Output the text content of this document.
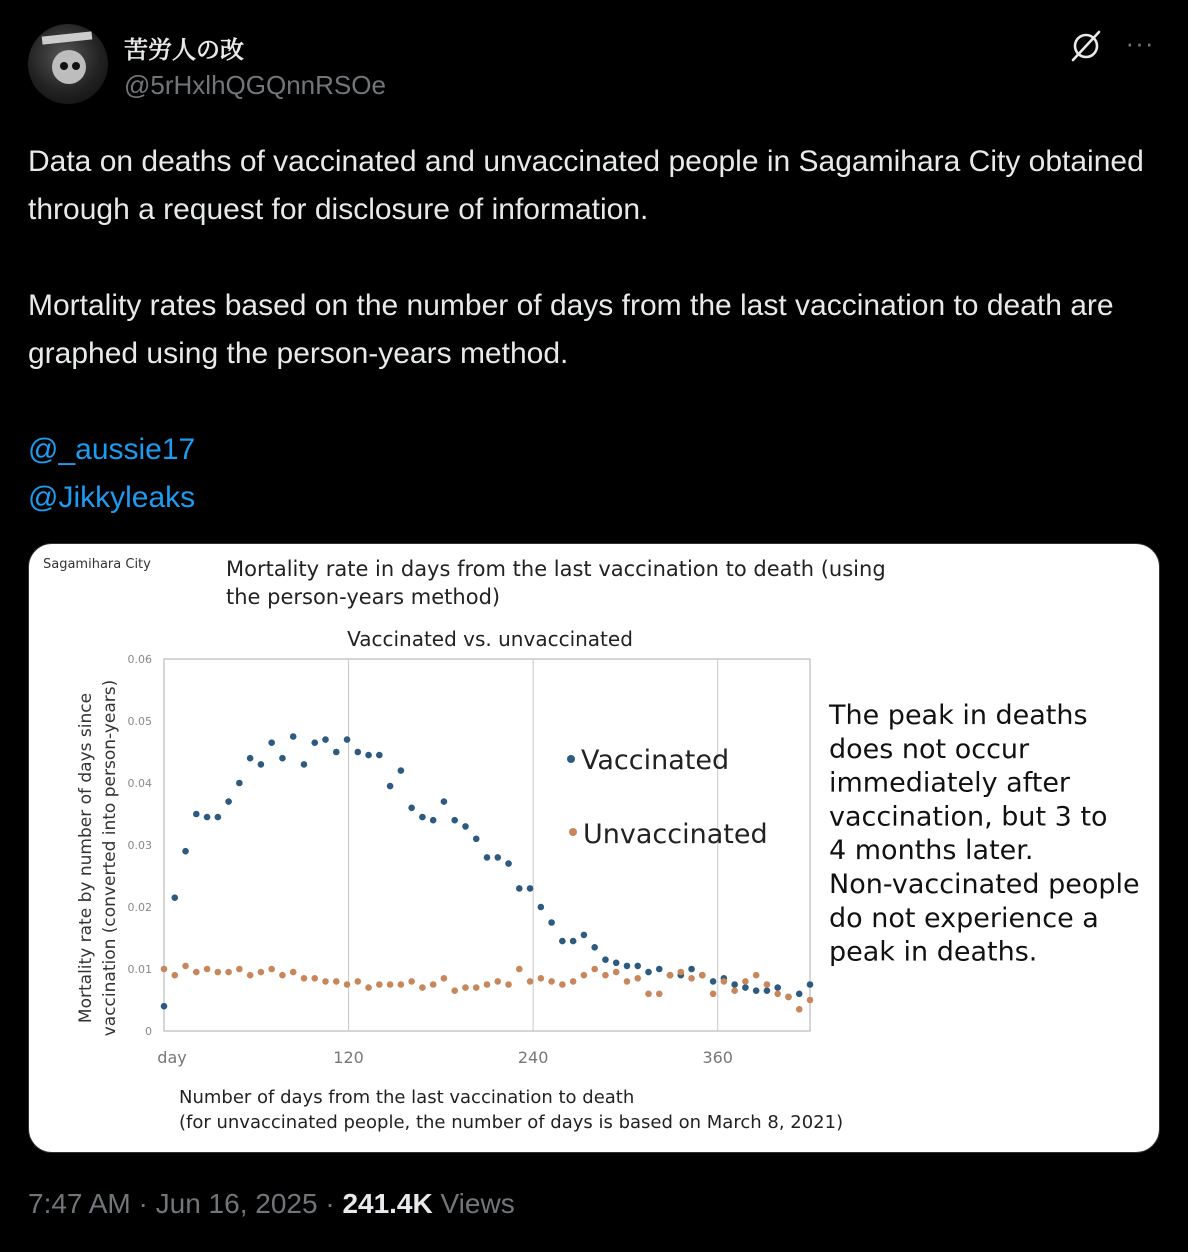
苦労人の改
@5rHxlhQGQnnRSOe
···

Data on deaths of vaccinated and unvaccinated people in Sagamihara City obtained through a request for disclosure of information.

Mortality rates based on the number of days from the last vaccination to death are graphed using the person-years method.

@_aussie17

@Jikkyleaks

Sagamihara City	Mortality rate in days from the last vaccination to death (using
the person-years method)
Vaccinated vs. unvaccinated
Mortality rate by number of days since vaccination (converted into person-years) 0
0.01
0.02
0.03
0.04
0.05
0.06
day	120	240	360
Vaccinated
Unvaccinated
The peak in deaths does not occur immediately after vaccination, but 3 to 4 months later. Non-vaccinated people do not experience a peak in deaths.
Number of days from the last vaccination to death
(for unvaccinated people, the number of days is based on March 8, 2021)
7:47 AM · Jun 16, 2025 · 241.4K Views
